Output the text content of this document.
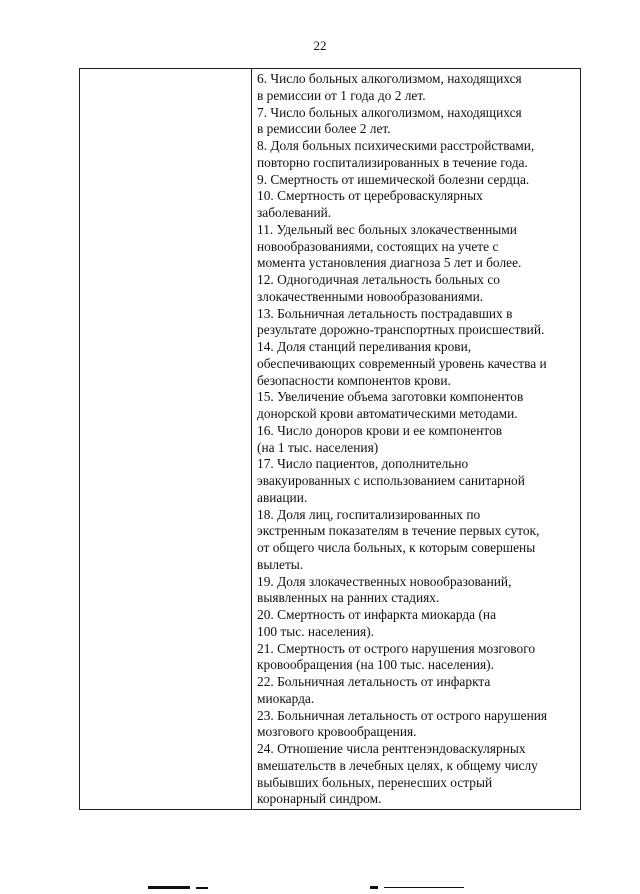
22
6. Число больных алкоголизмом, находящихся
в ремиссии от 1 года до 2 лет.
7. Число больных алкоголизмом, находящихся
в ремиссии более 2 лет.
8. Доля больных психическими расстройствами,
повторно госпитализированных в течение года.
9. Смертность от ишемической болезни сердца.
10. Смертность от цереброваскулярных
заболеваний.
11. Удельный вес больных злокачественными
новообразованиями, состоящих на учете с
момента установления диагноза 5 лет и более.
12. Одногодичная летальность больных со
злокачественными новообразованиями.
13. Больничная летальность пострадавших в
результате дорожно-транспортных происшествий.
14. Доля станций переливания крови,
обеспечивающих современный уровень качества и
безопасности компонентов крови.
15. Увеличение объема заготовки компонентов
донорской крови автоматическими методами.
16. Число доноров крови и ее компонентов
(на 1 тыс. населения)
17. Число пациентов, дополнительно
эвакуированных с использованием санитарной
авиации.
18. Доля лиц, госпитализированных по
экстренным показателям в течение первых суток,
от общего числа больных, к которым совершены
вылеты.
19. Доля злокачественных новообразований,
выявленных на ранних стадиях.
20. Смертность от инфаркта миокарда (на
100 тыс. населения).
21. Смертность от острого нарушения мозгового
кровообращения (на 100 тыс. населения).
22. Больничная летальность от инфаркта
миокарда.
23. Больничная летальность от острого нарушения
мозгового кровообращения.
24. Отношение числа рентгенэндоваскулярных
вмешательств в лечебных целях, к общему числу
выбывших больных, перенесших острый
коронарный синдром.
